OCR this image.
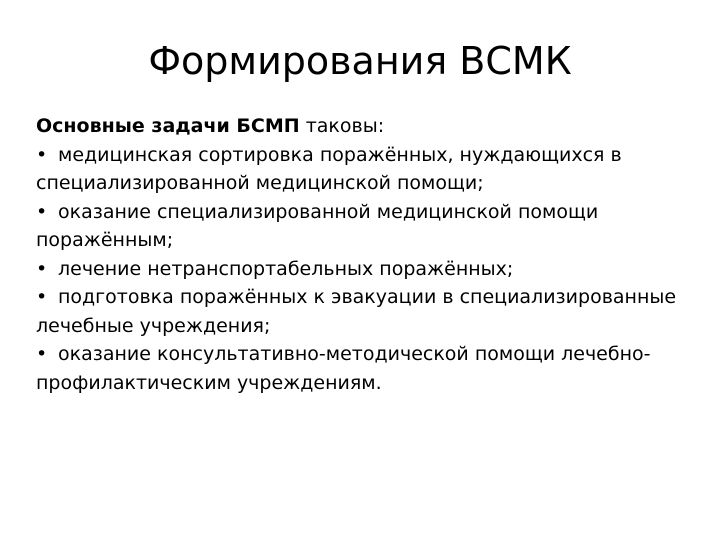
Формирования ВСМК
Основные задачи БСМП таковы:
• медицинская сортировка поражённых, нуждающихся в специализированной медицинской помощи;
• оказание специализированной медицинской помощи поражённым;
• лечение нетранспортабельных поражённых;
• подготовка поражённых к эвакуации в специализированные лечебные учреждения;
• оказание консультативно-методической помощи лечебно-профилактическим учреждениям.
